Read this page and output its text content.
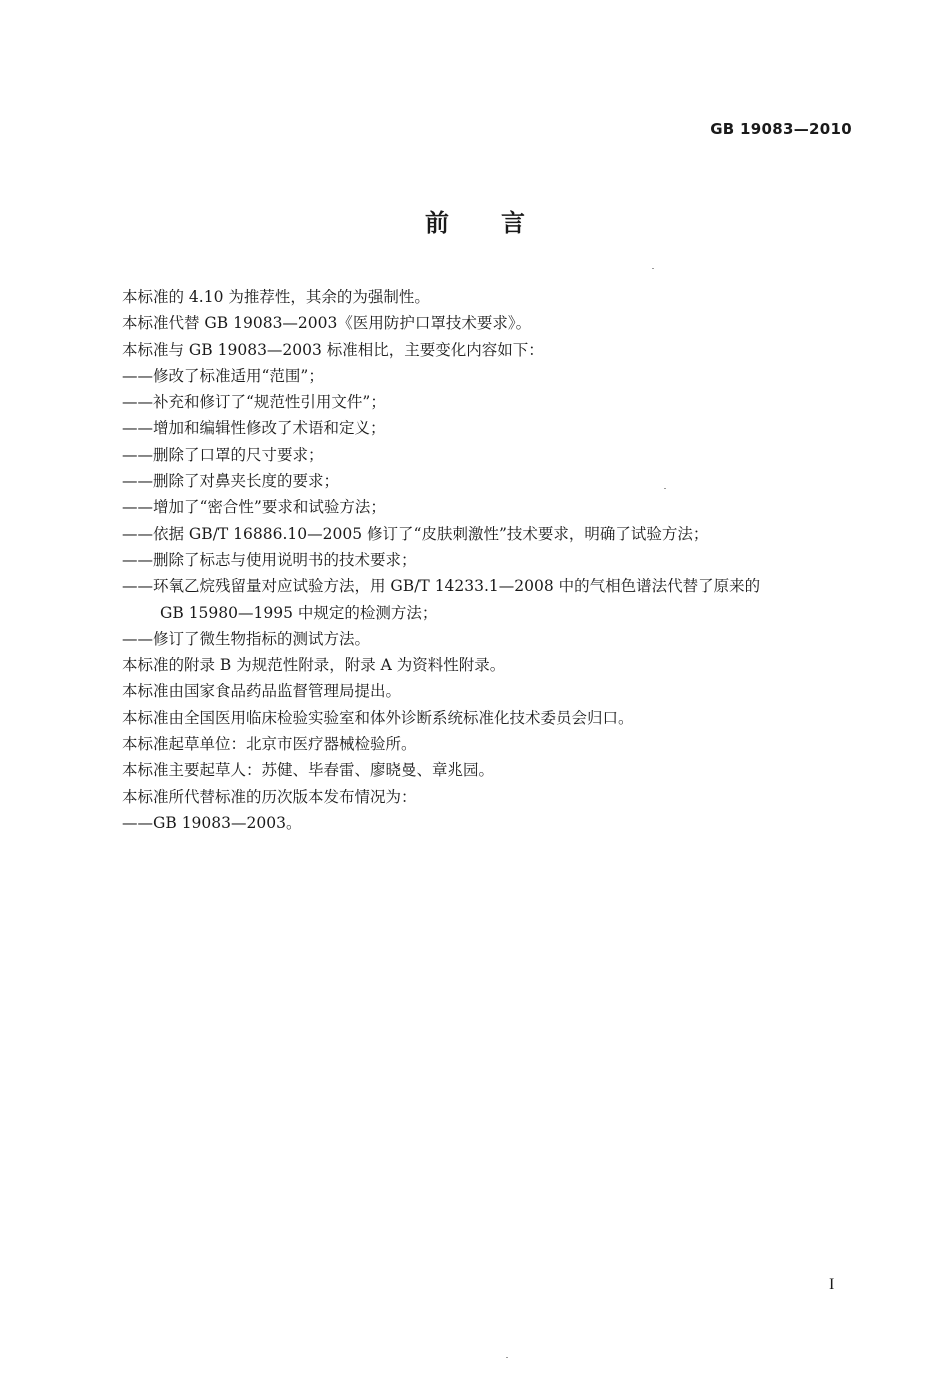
GB 19083—2010
前言
本标准的 4.10 为推荐性，其余的为强制性。
本标准代替 GB 19083—2003《医用防护口罩技术要求》。
本标准与 GB 19083—2003 标准相比，主要变化内容如下：
——修改了标准适用“范围”；
——补充和修订了“规范性引用文件”；
——增加和编辑性修改了术语和定义；
——删除了口罩的尺寸要求；
——删除了对鼻夹长度的要求；
——增加了“密合性”要求和试验方法；
——依据 GB/T 16886.10—2005 修订了“皮肤刺激性”技术要求，明确了试验方法；
——删除了标志与使用说明书的技术要求；
——环氧乙烷残留量对应试验方法，用 GB/T 14233.1—2008 中的气相色谱法代替了原来的
GB 15980—1995 中规定的检测方法；
——修订了微生物指标的测试方法。
本标准的附录 B 为规范性附录，附录 A 为资料性附录。
本标准由国家食品药品监督管理局提出。
本标准由全国医用临床检验实验室和体外诊断系统标准化技术委员会归口。
本标准起草单位：北京市医疗器械检验所。
本标准主要起草人：苏健、毕春雷、廖晓曼、章兆园。
本标准所代替标准的历次版本发布情况为：
——GB 19083—2003。
I
